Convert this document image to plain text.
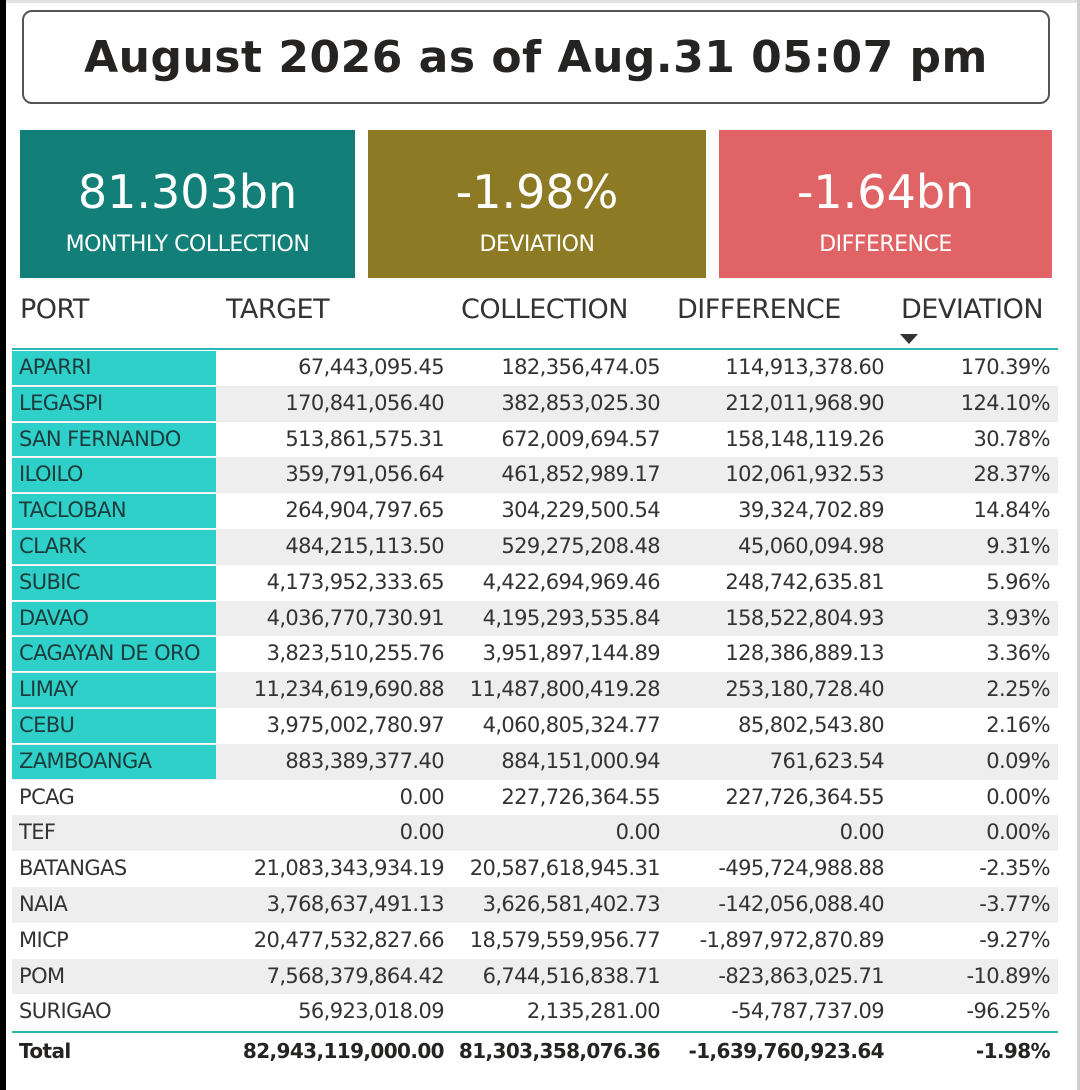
August 2026 as of Aug.31 05:07 pm
81.303bn
MONTHLY COLLECTION
-1.98%
DEVIATION
-1.64bn
DIFFERENCE
PORT	TARGET	COLLECTION DIFFERENCE DEVIATION
APARRI	67,443,095.45	182,356,474.05	114,913,378.60	170.39%
LEGASPI	170,841,056.40	382,853,025.30	212,011,968.90	124.10%
SAN FERNANDO	513,861,575.31	672,009,694.57	158,148,119.26	30.78%
ILOILO	359,791,056.64	461,852,989.17	102,061,932.53	28.37%
TACLOBAN	264,904,797.65	304,229,500.54	39,324,702.89	14.84%
CLARK	484,215,113.50	529,275,208.48	45,060,094.98	9.31%
SUBIC	4,173,952,333.65 4,422,694,969.46	248,742,635.81	5.96%
DAVAO	4,036,770,730.91 4,195,293,535.84	158,522,804.93	3.93%
CAGAYAN DE ORO	3,823,510,255.76 3,951,897,144.89	128,386,889.13	3.36%
LIMAY	11,234,619,690.88 11,487,800,419.28	253,180,728.40	2.25%
CEBU	3,975,002,780.97 4,060,805,324.77	85,802,543.80	2.16%
ZAMBOANGA	883,389,377.40	884,151,000.94	761,623.54	0.09%
PCAG	0.00	227,726,364.55	227,726,364.55	0.00%
TEF	0.00	0.00	0.00	0.00%
BATANGAS	21,083,343,934.19 20,587,618,945.31	-495,724,988.88	-2.35%
NAIA	3,768,637,491.13 3,626,581,402.73	-142,056,088.40	-3.77%
MICP	20,477,532,827.66 18,579,559,956.77 -1,897,972,870.89	-9.27%
POM	7,568,379,864.42 6,744,516,838.71	-823,863,025.71	-10.89%
SURIGAO	56,923,018.09	2,135,281.00	-54,787,737.09	-96.25%
Total	82,943,119,000.00 81,303,358,076.36 -1,639,760,923.64	-1.98%
